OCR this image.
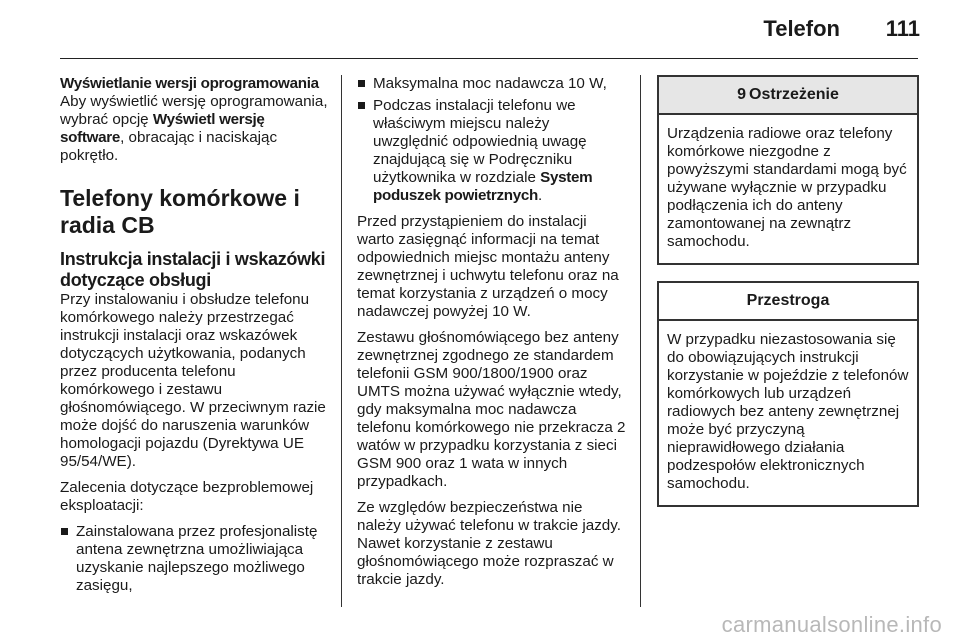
Telefon 111
Wyświetlanie wersji oprogramowania

Aby wyświetlić wersję oprogramowania, wybrać opcję Wyświetl wersję software, obracając i naciskając pokrętło.

Telefony komórkowe i radia CB
Instrukcja instalacji i wskazówki dotyczące obsługi

Przy instalowaniu i obsłudze telefonu komórkowego należy przestrzegać instrukcji instalacji oraz wskazówek dotyczących użytkowania, podanych przez producenta telefonu komórkowego i zestawu głośnomówiącego. W przeciwnym razie może dojść do naruszenia warunków homologacji pojazdu (Dyrektywa UE 95/54/WE).

Zalecenia dotyczące bezproblemowej eksploatacji:

Zainstalowana przez profesjonalistę antena zewnętrzna umożliwiająca uzyskanie najlepszego możliwego zasięgu,
Maksymalna moc nadawcza 10 W,
Podczas instalacji telefonu we właściwym miejscu należy uwzględnić odpowiednią uwagę znajdującą się w Podręczniku użytkownika w rozdziale System poduszek powietrznych.

Przed przystąpieniem do instalacji warto zasięgnąć informacji na temat odpowiednich miejsc montażu anteny zewnętrznej i uchwytu telefonu oraz na temat korzystania z urządzeń o mocy nadawczej powyżej 10 W.

Zestawu głośnomówiącego bez anteny zewnętrznej zgodnego ze standardem telefonii GSM 900/1800/1900 oraz UMTS można używać wyłącznie wtedy, gdy maksymalna moc nadawcza telefonu komórkowego nie przekracza 2 watów w przypadku korzystania z sieci GSM 900 oraz 1 wata w innych przypadkach.

Ze względów bezpieczeństwa nie należy używać telefonu w trakcie jazdy. Nawet korzystanie z zestawu głośnomówiącego może rozpraszać w trakcie jazdy.

9 Ostrzeżenie
Urządzenia radiowe oraz telefony komórkowe niezgodne z powyższymi standardami mogą być używane wyłącznie w przypadku podłączenia ich do anteny zamontowanej na zewnątrz samochodu.
Przestroga
W przypadku niezastosowania się do obowiązujących instrukcji korzystanie w pojeździe z telefonów komórkowych lub urządzeń radiowych bez anteny zewnętrznej może być przyczyną nieprawidłowego działania podzespołów elektronicznych samochodu.
carmanualsonline.info
